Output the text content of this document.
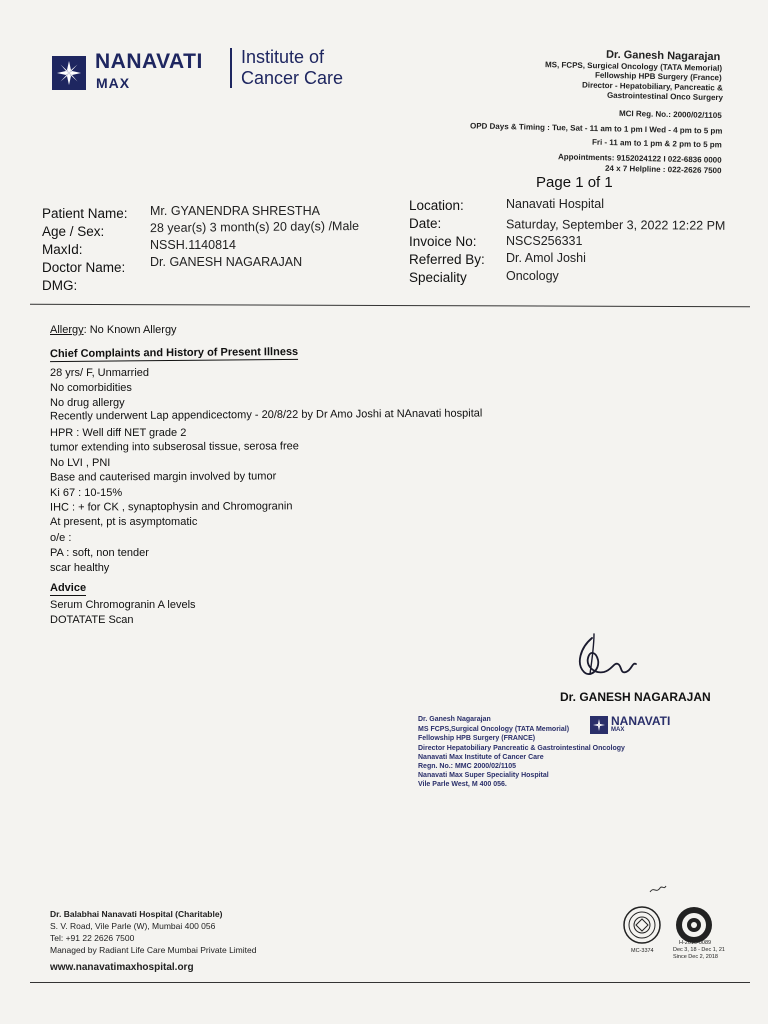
NANAVATI
MAX
Institute of
Cancer Care
Dr. Ganesh Nagarajan
MS, FCPS, Surgical Oncology (TATA Memorial)
Fellowship HPB Surgery (France)
Director - Hepatobiliary, Pancreatic &
Gastrointestinal Onco Surgery
MCI Reg. No.: 2000/02/1105
OPD Days & Timing : Tue, Sat - 11 am to 1 pm I Wed - 4 pm to 5 pm
Fri - 11 am to 1 pm & 2 pm to 5 pm
Appointments: 9152024122 I 022-6836 0000
24 x 7 Helpline : 022-2626 7500
Page 1 of 1
Patient Name:
Age / Sex:
MaxId:
Doctor Name:
DMG:
Mr. GYANENDRA SHRESTHA
28 year(s) 3 month(s) 20 day(s) /Male
NSSH.1140814
Dr. GANESH NAGARAJAN
Location:
Date:
Invoice No:
Referred By:
Speciality
Nanavati Hospital
Saturday, September 3, 2022 12:22 PM
NSCS256331
Dr. Amol Joshi
Oncology
Allergy: No Known Allergy
Chief Complaints and History of Present Illness
28 yrs/ F, Unmarried
No comorbidities
No drug allergy
Recently underwent Lap appendicectomy - 20/8/22 by Dr Amo Joshi at NAnavati hospital
HPR : Well diff NET grade 2
tumor extending into subserosal tissue, serosa free
No LVI , PNI
Base and cauterised margin involved by tumor
Ki 67 : 10-15%
IHC : + for CK , synaptophysin and Chromogranin
At present, pt is asymptomatic
o/e :
PA : soft, non tender
scar healthy
Advice
Serum Chromogranin A levels
DOTATATE Scan
Dr. GANESH NAGARAJAN
Dr. Ganesh Nagarajan
MS FCPS,Surgical Oncology (TATA Memorial)
Fellowship HPB Surgery (FRANCE)
Director Hepatobiliary Pancreatic & Gastrointestinal Oncology
Nanavati Max Institute of Cancer Care
Regn. No.: MMC 2000/02/1105
Nanavati Max Super Speciality Hospital
Vile Parle West, M 400 056.
NANAVATI
MAX
Dr. Balabhai Nanavati Hospital (Charitable)
S. V. Road, Vile Parle (W), Mumbai 400 056
Tel: +91 22 2626 7500
Managed by Radiant Life Care Mumbai Private Limited
www.nanavatimaxhospital.org
MC-3374
H-2019-0089
Dec 3, 18 - Dec 1, 21
Since Dec 2, 2018
